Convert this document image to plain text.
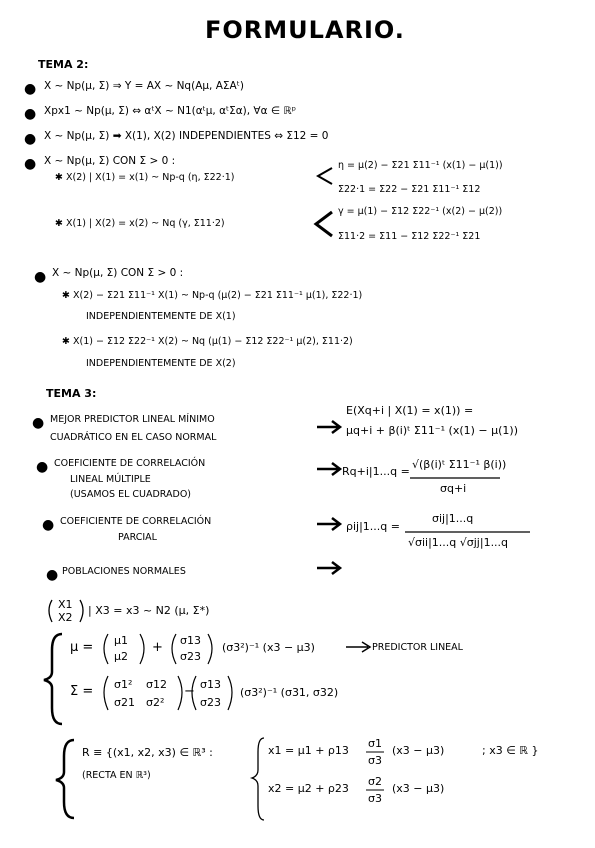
FORMULARIO.
TEMA 2:
● X ~ Np(μ, Σ) ⇒ Y = AX ~ Nq(Aμ, AΣAᵗ)
● Xpx1 ~ Np(μ, Σ) ⇔ αᵗX ~ N1(αᵗμ, αᵗΣα), ∀α ∈ ℝᵖ
● X ~ Np(μ, Σ) ➡ X(1), X(2) INDEPENDIENTES ⇔ Σ12 = 0
● X ~ Np(μ, Σ) CON Σ > 0 :
✱ X(2) | X(1) = x(1) ~ Np-q (η, Σ22·1)
η = μ(2) − Σ21 Σ11⁻¹ (x(1) − μ(1))
Σ22·1 = Σ22 − Σ21 Σ11⁻¹ Σ12
✱ X(1) | X(2) = x(2) ~ Nq (γ, Σ11·2)
γ = μ(1) − Σ12 Σ22⁻¹ (x(2) − μ(2))
Σ11·2 = Σ11 − Σ12 Σ22⁻¹ Σ21
● X ~ Np(μ, Σ) CON Σ > 0 :
✱ X(2) − Σ21 Σ11⁻¹ X(1) ~ Np-q (μ(2) − Σ21 Σ11⁻¹ μ(1), Σ22·1)
INDEPENDIENTEMENTE DE X(1)
✱ X(1) − Σ12 Σ22⁻¹ X(2) ~ Nq (μ(1) − Σ12 Σ22⁻¹ μ(2), Σ11·2)
INDEPENDIENTEMENTE DE X(2)
TEMA 3:
● MEJOR PREDICTOR LINEAL MÍNIMO
CUADRÁTICO EN EL CASO NORMAL
E(Xq+i | X(1) = x(1)) =
μq+i + β(i)ᵗ Σ11⁻¹ (x(1) − μ(1))
● COEFICIENTE DE CORRELACIÓN
LINEAL MÚLTIPLE
(USAMOS EL CUADRADO)
Rq+i|1...q =
√(β(i)ᵗ Σ11⁻¹ β(i))
σq+i
● COEFICIENTE DE CORRELACIÓN
PARCIAL
ρij|1...q =
σij|1...q
√σii|1...q √σjj|1...q
● POBLACIONES NORMALES
X1
X2
| X3 = x3 ~ N2 (μ, Σ*)
μ = μ1
μ2
+ σ13
σ23
(σ3²)⁻¹ (x3 − μ3)	PREDICTOR LINEAL
Σ = σ1² σ12
σ21 σ2²
− σ13
σ23
(σ3²)⁻¹ (σ31, σ32)
R ≡ {(x1, x2, x3) ∈ ℝ³ :
(RECTA EN ℝ³)
x1 = μ1 + ρ13
σ1
σ3
(x3 − μ3)	; x3 ∈ ℝ }
x2 = μ2 + ρ23
σ2
σ3
(x3 − μ3)
